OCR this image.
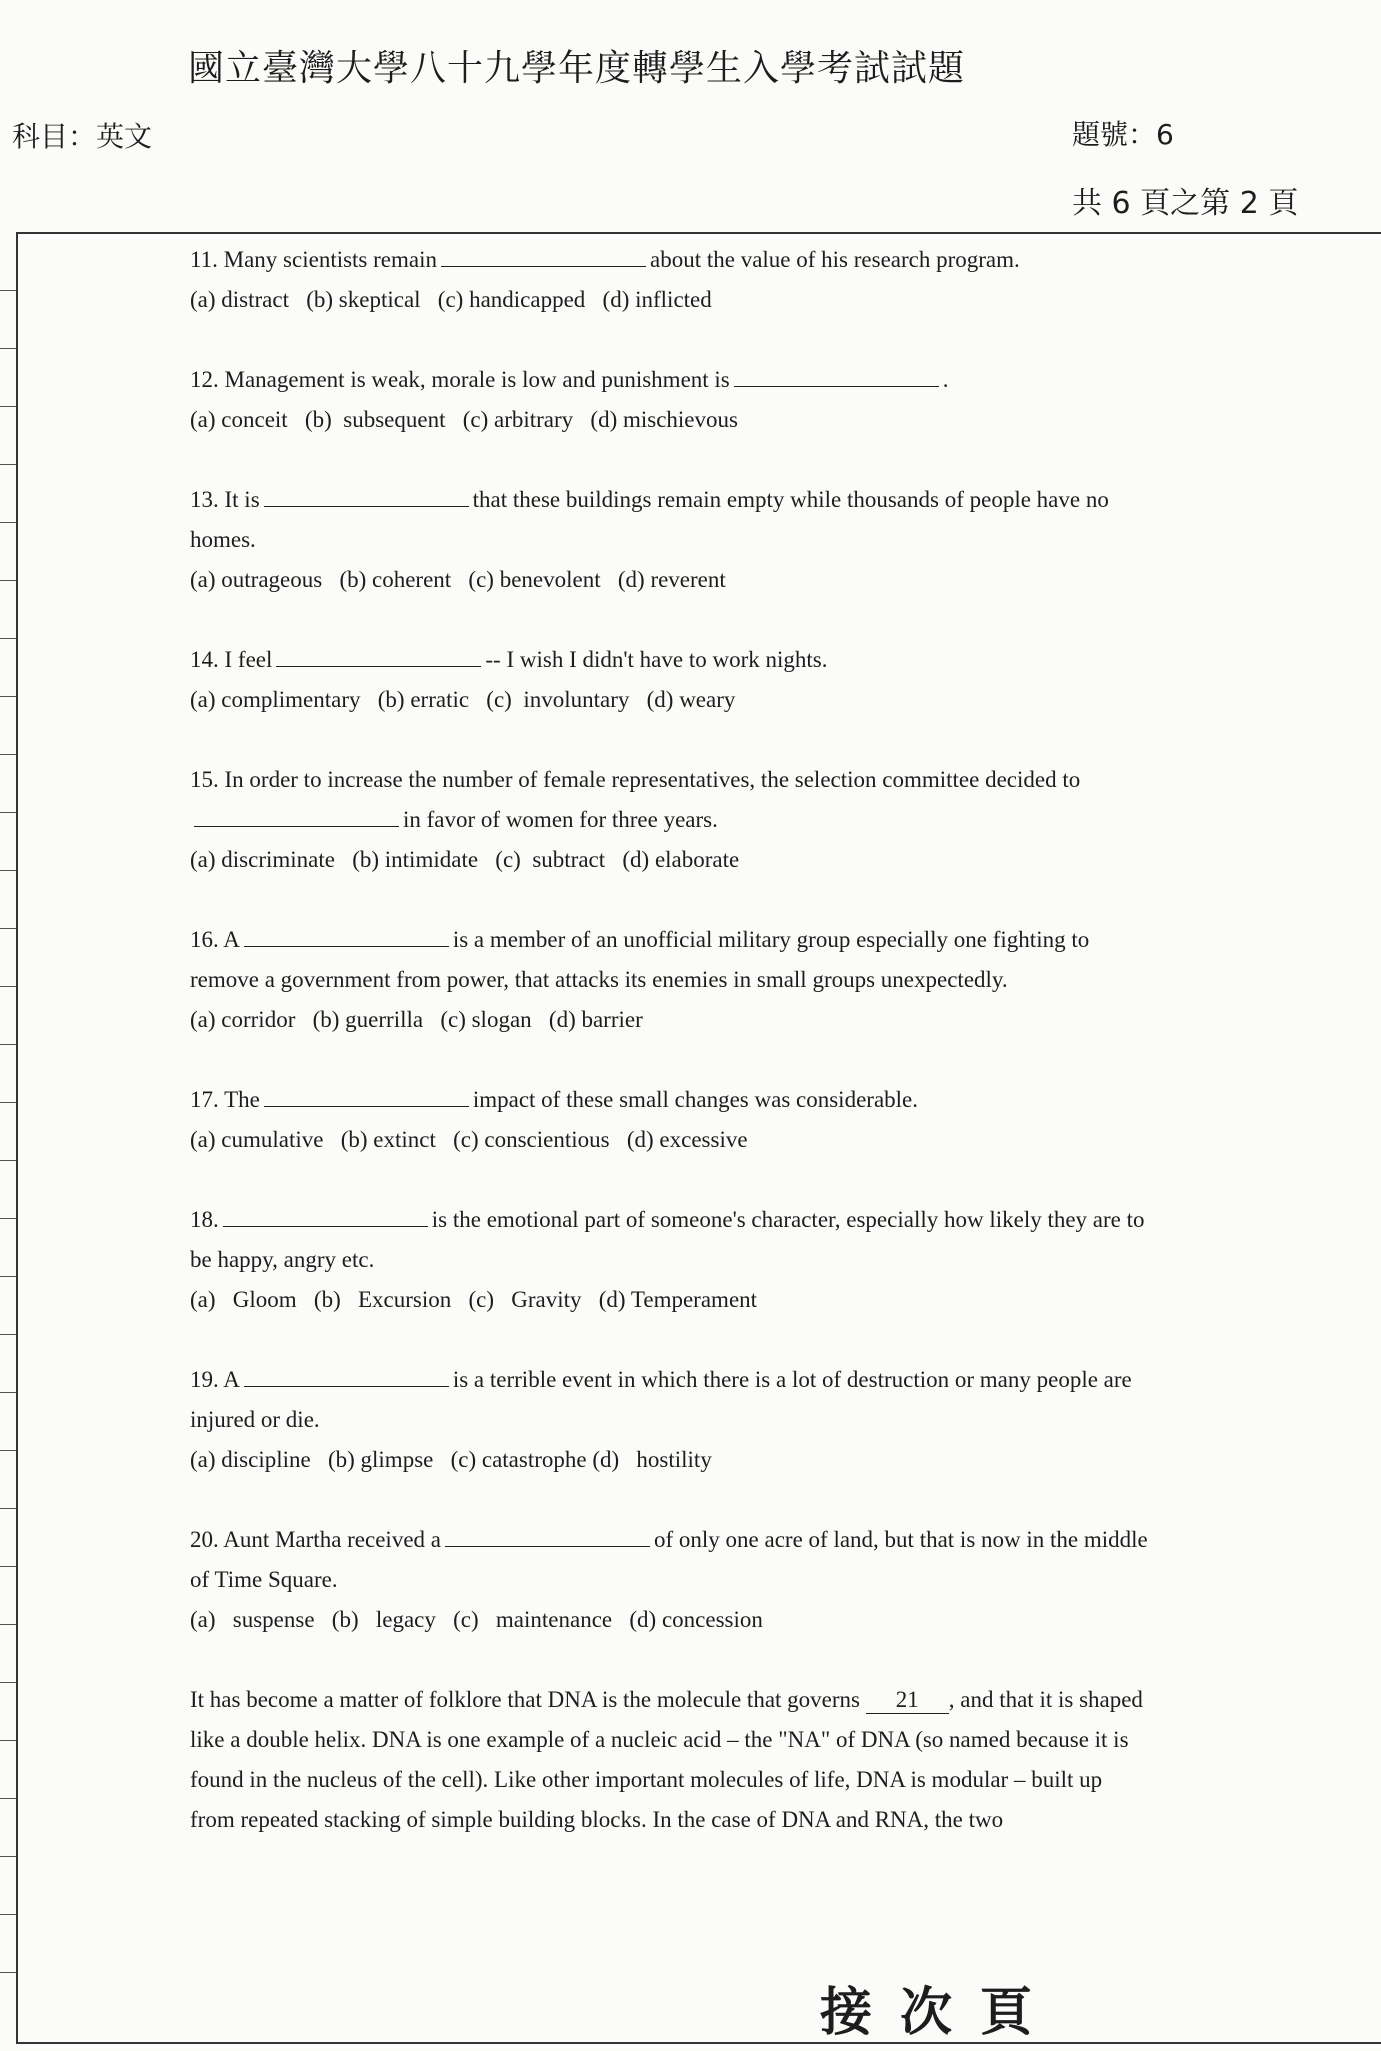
國立臺灣大學八十九學年度轉學生入學考試試題
科目：英文	題號：6
共 6 頁之第 2 頁

11. Many scientists remain	about the value of his research program.

(a) distract   (b) skeptical   (c) handicapped   (d) inflicted

12. Management is weak, morale is low and punishment is	.

(a) conceit   (b)  subsequent   (c) arbitrary   (d) mischievous

13. It is	that these buildings remain empty while thousands of people have no homes.

(a) outrageous   (b) coherent   (c) benevolent   (d) reverent

14. I feel	-- I wish I didn't have to work nights.

(a) complimentary   (b) erratic   (c)  involuntary   (d) weary

15. In order to increase the number of female representatives, the selection committee decided toin favor of women for three years.

(a) discriminate   (b) intimidate   (c)  subtract   (d) elaborate

16. A	is a member of an unofficial military group especially one fighting to remove a government from power, that attacks its enemies in small groups unexpectedly.

(a) corridor   (b) guerrilla   (c) slogan   (d) barrier

17. The	impact of these small changes was considerable.

(a) cumulative   (b) extinct   (c) conscientious   (d) excessive

18.	is the emotional part of someone's character, especially how likely they are to be happy, angry etc.

(a)   Gloom   (b)   Excursion   (c)   Gravity   (d) Temperament

19. A	is a terrible event in which there is a lot of destruction or many people are injured or die.

(a) discipline   (b) glimpse   (c) catastrophe (d)   hostility

20. Aunt Martha received a	of only one acre of land, but that is now in the middle of Time Square.

(a)   suspense   (b)   legacy   (c)   maintenance   (d) concession

It has become a matter of folklore that DNA is the molecule that governs 21 , and that it is shaped like a double helix. DNA is one example of a nucleic acid – the "NA" of DNA (so named because it is found in the nucleus of the cell). Like other important molecules of life, DNA is modular – built up from repeated stacking of simple building blocks. In the case of DNA and RNA, the two

接次頁
